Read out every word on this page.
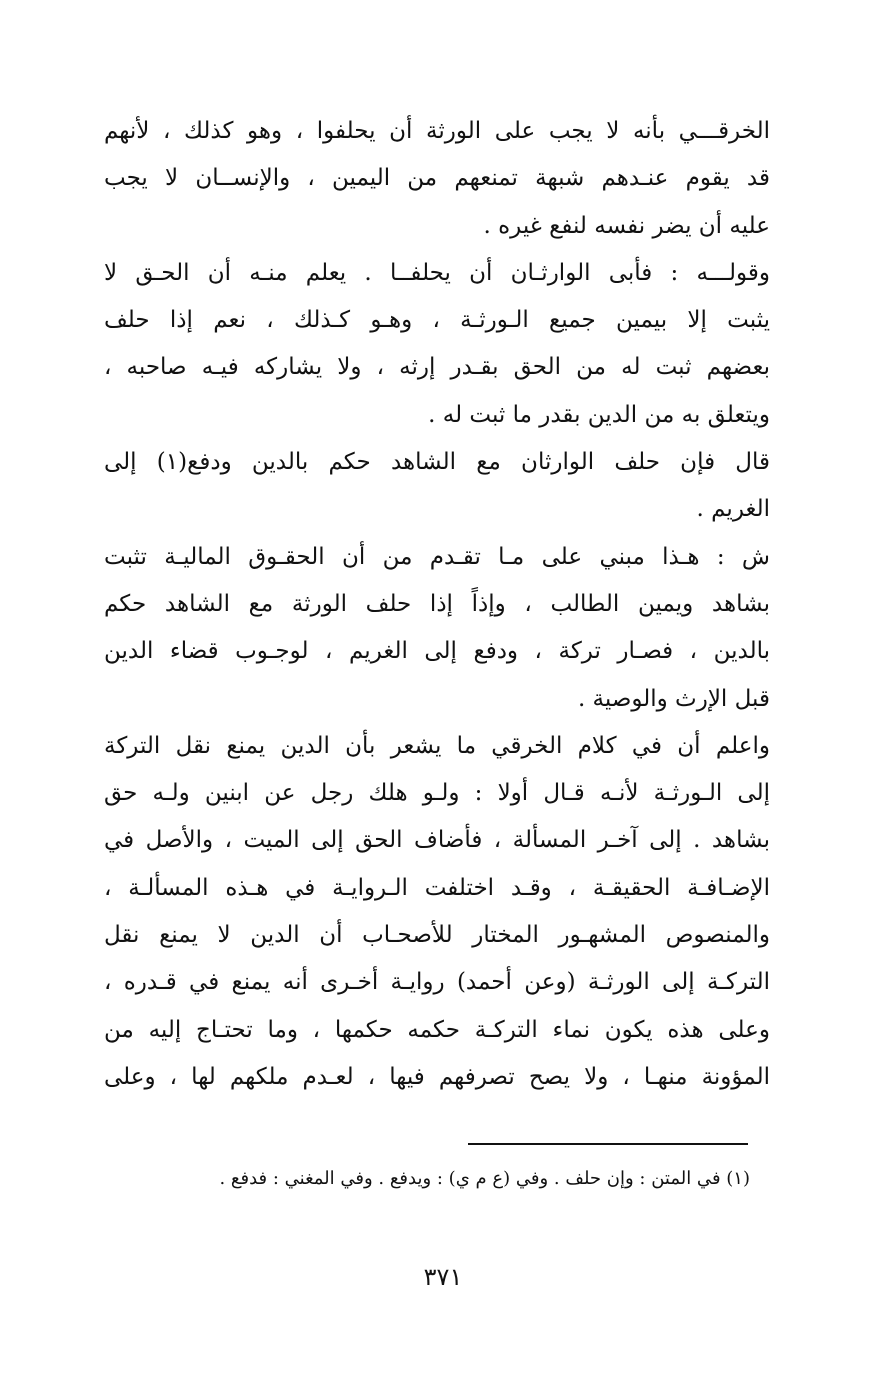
الخرقـــي بأنه لا يجب على الورثة أن يحلفوا ، وهو كذلك ، لأنهم
قد يقوم عنـدهم شبهة تمنعهم من اليمين ، والإنســان لا يجب
عليه أن يضر نفسه لنفع غيره .
وقولـــه : فأبى الوارثـان أن يحلفــا . يعلم منـه أن الحـق لا
يثبت إلا بيمين جميع الـورثـة ، وهـو كـذلك ، نعم إذا حلف
بعضهم ثبت له من الحق بقـدر إرثه ، ولا يشاركه فيـه صاحبه ،
ويتعلق به من الدين بقدر ما ثبت له .
قال فإن حلف الوارثان مع الشاهد حكم بالدين ودفع(١) إلى
الغريم .
ش : هـذا مبني على مـا تقـدم من أن الحقـوق الماليـة تثبت
بشاهد ويمين الطالب ، وإذاً إذا حلف الورثة مع الشاهد حكم
بالدين ، فصـار تركة ، ودفع إلى الغريم ، لوجـوب قضاء الدين
قبل الإرث والوصية .
واعلم أن في كلام الخرقي ما يشعر بأن الدين يمنع نقل التركة
إلى الـورثـة لأنـه قـال أولا : ولـو هلك رجل عن ابنين ولـه حق
بشاهد . إلى آخـر المسألة ، فأضاف الحق إلى الميت ، والأصل في
الإضـافـة الحقيقـة ، وقـد اختلفت الـروايـة في هـذه المسألـة ،
والمنصوص المشهـور المختار للأصحـاب أن الدين لا يمنع نقل
التركـة إلى الورثـة (وعن أحمد) روايـة أخـرى أنه يمنع في قـدره ،
وعلى هذه يكون نماء التركـة حكمه حكمها ، وما تحتـاج إليه من
المؤونة منهـا ، ولا يصح تصرفهم فيها ، لعـدم ملكهم لها ، وعلى
(١) في المتن : وإن حلف . وفي (ع م ي) : ويدفع . وفي المغني : فدفع .
٣٧١
